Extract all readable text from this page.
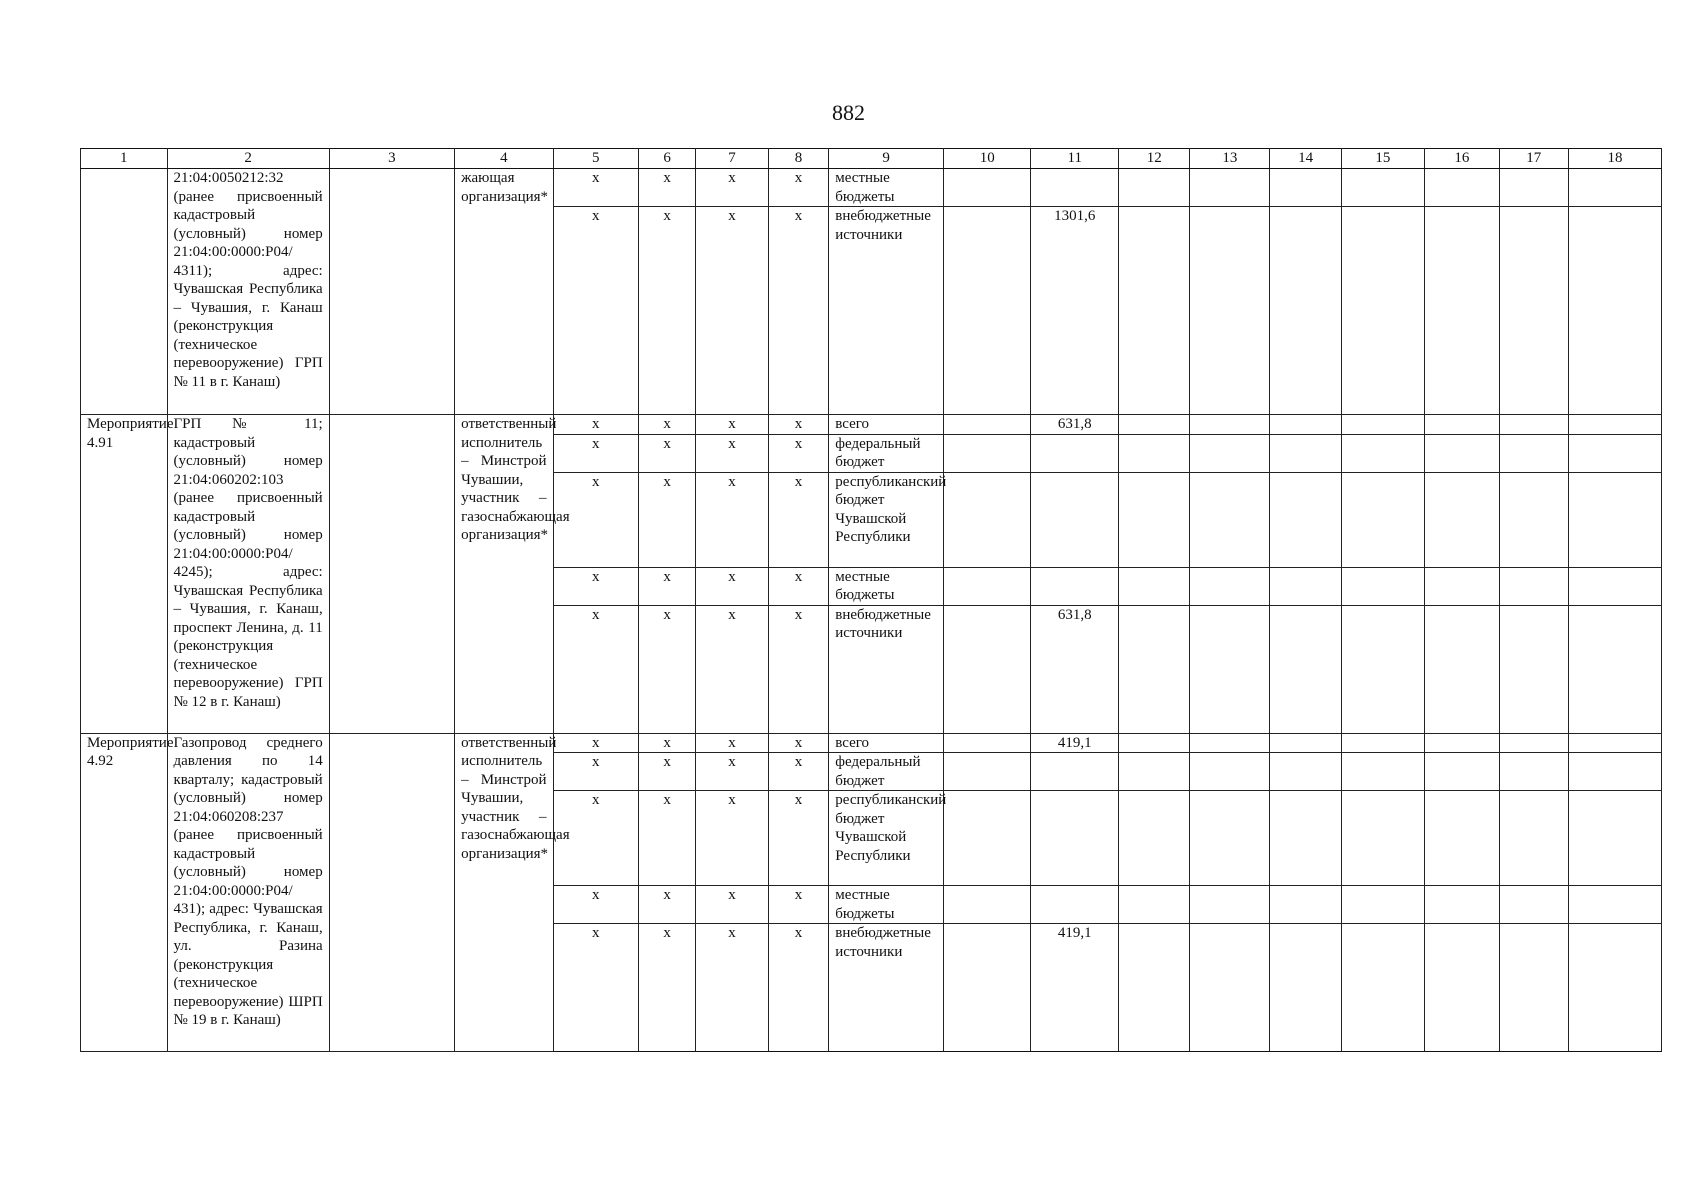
882
1	2	3	4	5	6	7	8	9	10	11	12	13	14	15	16	17	18
	21:04:0050212:32 (ранее присвоенный кадастровый (условный) номер 21:04:00:0000:Р04/ 4311); адрес: Чувашская Республика – Чувашия, г. Канаш (реконструкция (техническое перевооружение) ГРП № 11 в г. Канаш)		жающая организация*	х	х	х	х	местные бюджеты									
				х	х	х	х	внебюджетные источники		1301,6							
Мероприятие 4.91	ГРП № 11; кадастровый (условный) номер 21:04:060202:103 (ранее присвоенный кадастровый (условный) номер 21:04:00:0000:Р04/ 4245); адрес: Чувашская Республика – Чувашия, г. Канаш, проспект Ленина, д. 11 (реконструкция (техническое перевооружение) ГРП № 12 в г. Канаш)		ответственный исполнитель – Минстрой Чувашии, участник – газоснабжающая организация*	х	х	х	х	всего		631,8							
				х	х	х	х	федеральный бюджет									
				х	х	х	х	республиканский бюджет Чувашской Республики									
				х	х	х	х	местные бюджеты									
				х	х	х	х	внебюджетные источники		631,8							
Мероприятие 4.92	Газопровод среднего давления по 14 кварталу; кадастровый (условный) номер 21:04:060208:237 (ранее присвоенный кадастровый (условный) номер 21:04:00:0000:Р04/ 431); адрес: Чувашская Республика, г. Канаш, ул. Разина (реконструкция (техническое перевооружение) ШРП № 19 в г. Канаш)		ответственный исполнитель – Минстрой Чувашии, участник – газоснабжающая организация*	х	х	х	х	всего		419,1							
				х	х	х	х	федеральный бюджет									
				х	х	х	х	республиканский бюджет Чувашской Республики									
				х	х	х	х	местные бюджеты									
				х	х	х	х	внебюджетные источники		419,1							
